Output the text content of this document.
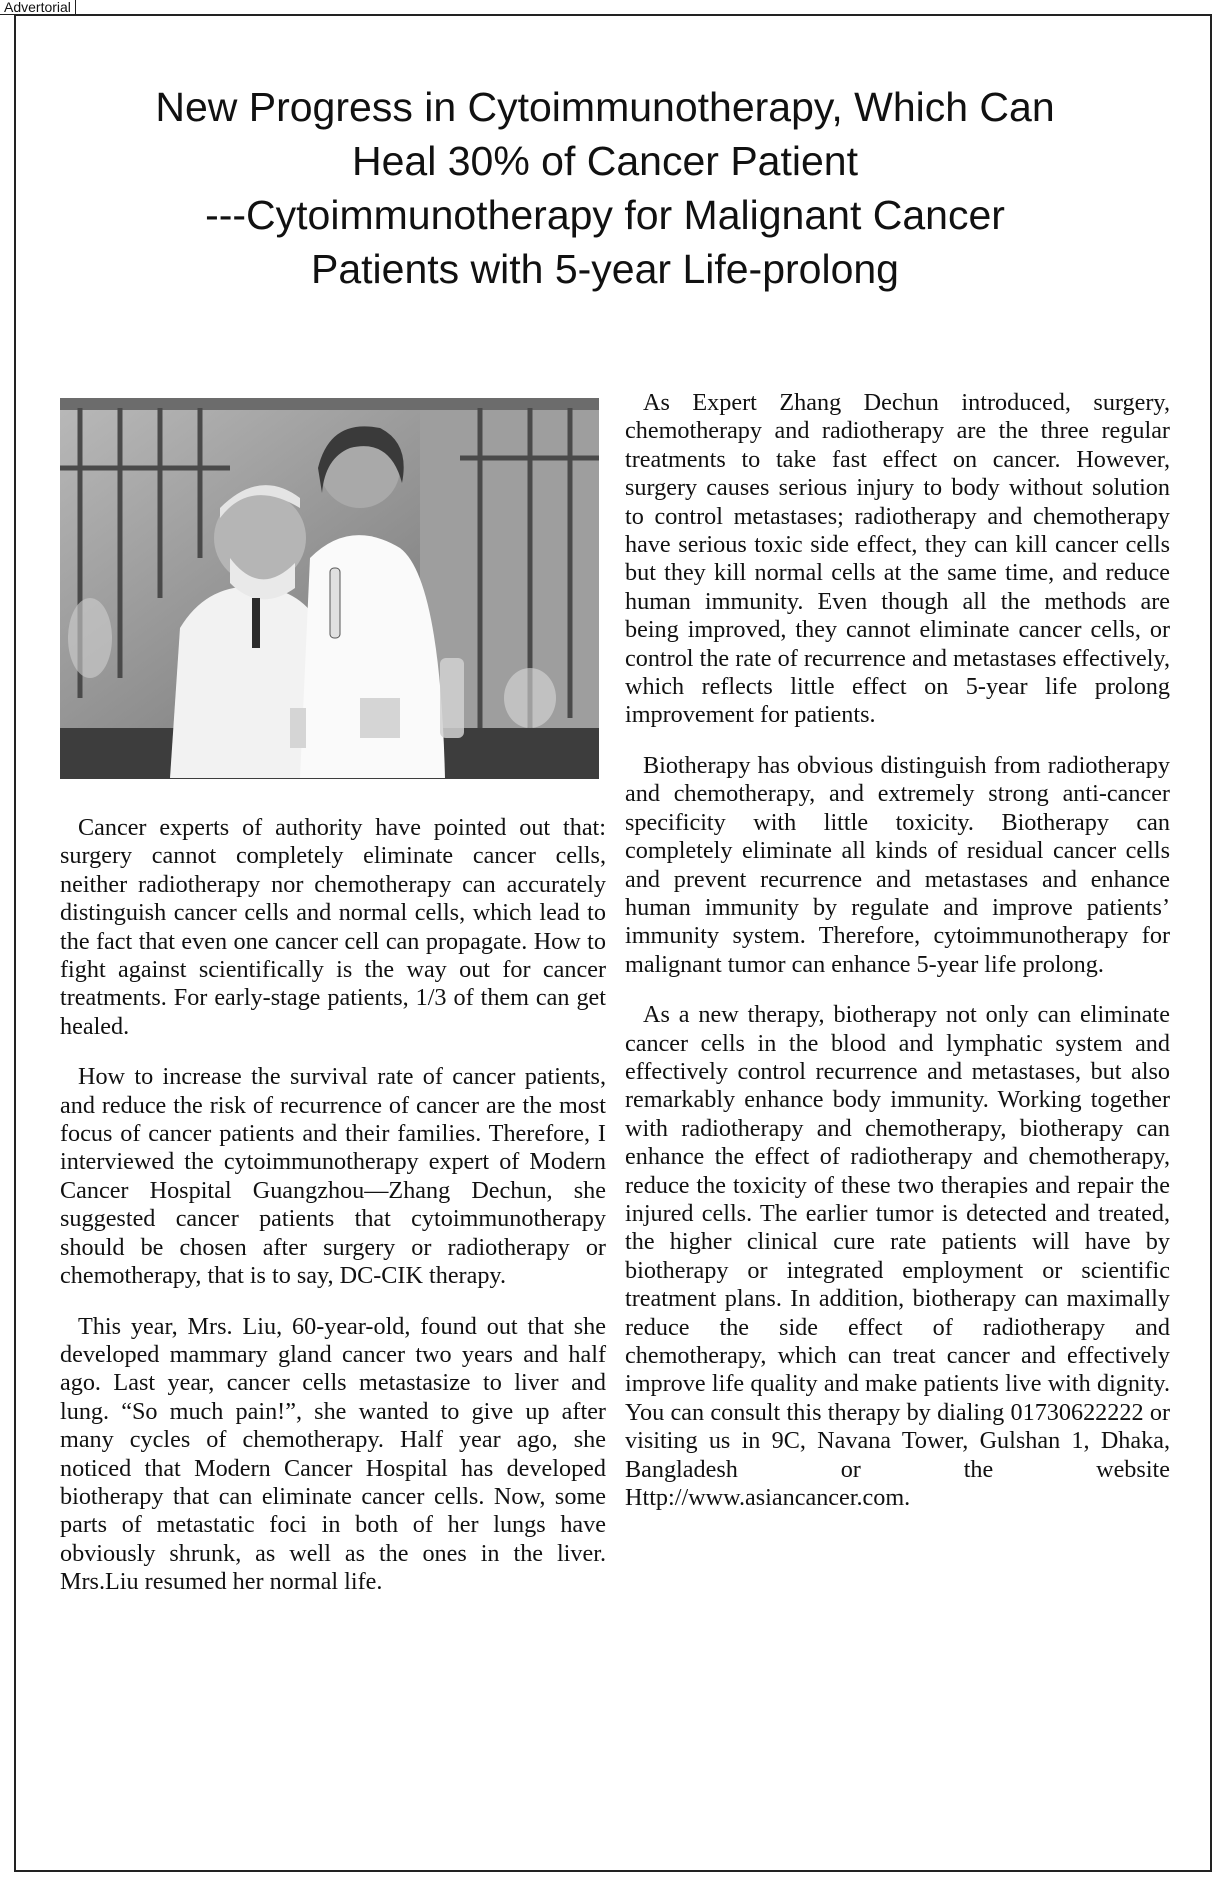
Advertorial
New Progress in Cytoimmunotherapy, Which Can
Heal 30% of Cancer Patient
---Cytoimmunotherapy for Malignant Cancer
Patients with 5-year Life-prolong

Cancer experts of authority have pointed out that: surgery cannot completely eliminate cancer cells, neither radiotherapy nor chemotherapy can accurately distinguish cancer cells and normal cells, which lead to the fact that even one cancer cell can propagate. How to fight against scientifically is the way out for cancer treatments. For early-stage patients, 1/3 of them can get healed.

How to increase the survival rate of cancer patients, and reduce the risk of recurrence of cancer are the most focus of cancer patients and their families. Therefore, I interviewed the cytoimmunotherapy expert of Modern Cancer Hospital Guangzhou—Zhang Dechun, she suggested cancer patients that cytoimmunotherapy should be chosen after surgery or radiotherapy or chemotherapy, that is to say, DC-CIK therapy.

This year, Mrs. Liu, 60-year-old, found out that she developed mammary gland cancer two years and half ago. Last year, cancer cells metastasize to liver and lung. “So much pain!”, she wanted to give up after many cycles of chemotherapy. Half year ago, she noticed that Modern Cancer Hospital has developed biotherapy that can eliminate cancer cells. Now, some parts of metastatic foci in both of her lungs have obviously shrunk, as well as the ones in the liver. Mrs.Liu resumed her normal life.

As Expert Zhang Dechun introduced, surgery, chemotherapy and radiotherapy are the three regular treatments to take fast effect on cancer. However, surgery causes serious injury to body without solution to control metastases; radiotherapy and chemotherapy have serious toxic side effect, they can kill cancer cells but they kill normal cells at the same time, and reduce human immunity. Even though all the methods are being improved, they cannot eliminate cancer cells, or control the rate of recurrence and metastases effectively, which reflects little effect on 5-year life prolong improvement for patients.

Biotherapy has obvious distinguish from radiotherapy and chemotherapy, and extremely strong anti-cancer specificity with little toxicity. Biotherapy can completely eliminate all kinds of residual cancer cells and prevent recurrence and metastases and enhance human immunity by regulate and improve patients’ immunity system. Therefore, cytoimmunotherapy for malignant tumor can enhance 5-year life prolong.

As a new therapy, biotherapy not only can eliminate cancer cells in the blood and lymphatic system and effectively control recurrence and metastases, but also remarkably enhance body immunity. Working together with radiotherapy and chemotherapy, biotherapy can enhance the effect of radiotherapy and chemotherapy, reduce the toxicity of these two therapies and repair the injured cells. The earlier tumor is detected and treated, the higher clinical cure rate patients will have by biotherapy or integrated employment or scientific treatment plans. In addition, biotherapy can maximally reduce the side effect of radiotherapy and chemotherapy, which can treat cancer and effectively improve life quality and make patients live with dignity. You can consult this therapy by dialing 01730622222 or visiting us in 9C, Navana Tower, Gulshan 1, Dhaka, Bangladesh or the website Http://www.asiancancer.com.
